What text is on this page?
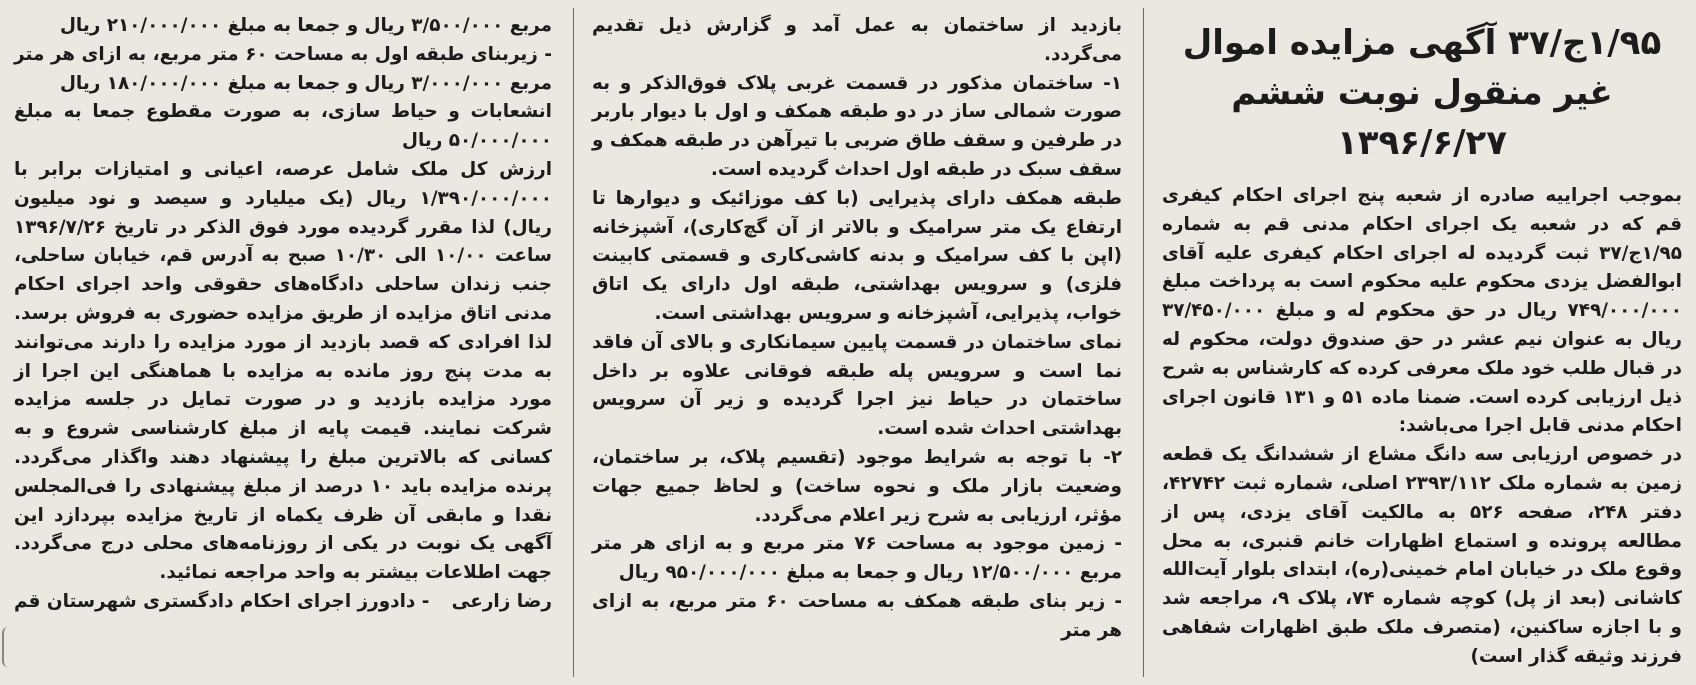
۱/۹۵ج/۳۷ آگهی مزایده اموال غیر منقول نوبت ششم ۱۳۹۶/۶/۲۷

بموجب اجراییه صادره از شعبه پنج اجرای احکام کیفری قم که در شعبه یک اجرای احکام مدنی قم به شماره ۱/۹۵ج/۳۷ ثبت گردیده له اجرای احکام کیفری علیه آقای ابوالفضل یزدی محکوم علیه محکوم است به پرداخت مبلغ ۷۴۹/۰۰۰/۰۰۰ ریال در حق محکوم له و مبلغ ۳۷/۴۵۰/۰۰۰ ریال به عنوان نیم عشر در حق صندوق دولت، محکوم له در قبال طلب خود ملک معرفی کرده که کارشناس به شرح ذیل ارزیابی کرده است. ضمنا ماده ۵۱ و ۱۳۱ قانون اجرای احکام مدنی قابل اجرا می‌باشد:

در خصوص ارزیابی سه دانگ مشاع از ششدانگ یک قطعه زمین به شماره ملک ۲۳۹۳/۱۱۲ اصلی، شماره ثبت ۴۲۷۴۲، دفتر ۲۴۸، صفحه ۵۲۶ به مالکیت آقای یزدی، پس از مطالعه پرونده و استماع اظهارات خانم قنبری، به محل وقوع ملک در خیابان امام خمینی(ره)، ابتدای بلوار آیت‌الله کاشانی (بعد از پل) کوچه شماره ۷۴، پلاک ۹، مراجعه شد و با اجازه ساکنین، (متصرف ملک طبق اظهارات شفاهی فرزند وثیقه گذار است)

بازدید از ساختمان به عمل آمد و گزارش ذیل تقدیم می‌گردد.

۱- ساختمان مذکور در قسمت غربی پلاک فوق‌الذکر و به صورت شمالی ساز در دو طبقه همکف و اول با دیوار باربر در طرفین و سقف طاق ضربی با تیرآهن در طبقه همکف و سقف سبک در طبقه اول احداث گردیده است.

طبقه همکف دارای پذیرایی (با کف موزائیک و دیوارها تا ارتفاع یک متر سرامیک و بالاتر از آن گچ‌کاری)، آشپزخانه (اپن با کف سرامیک و بدنه کاشی‌کاری و قسمتی کابینت فلزی) و سرویس بهداشتی، طبقه اول دارای یک اتاق خواب، پذیرایی، آشپزخانه و سرویس بهداشتی است.

نمای ساختمان در قسمت پایین سیمانکاری و بالای آن فاقد نما است و سرویس پله طبقه فوقانی علاوه بر داخل ساختمان در حیاط نیز اجرا گردیده و زیر آن سرویس بهداشتی احداث شده است.

۲- با توجه به شرایط موجود (تقسیم پلاک، بر ساختمان، وضعیت بازار ملک و نحوه ساخت) و لحاظ جمیع جهات مؤثر، ارزیابی به شرح زیر اعلام می‌گردد.

- زمین موجود به مساحت ۷۶ متر مربع و به ازای هر متر مربع ۱۲/۵۰۰/۰۰۰ ریال و جمعا به مبلغ ۹۵۰/۰۰۰/۰۰۰ ریال

- زیر بنای طبقه همکف به مساحت ۶۰ متر مربع، به ازای هر متر

مربع ۳/۵۰۰/۰۰۰ ریال و جمعا به مبلغ ۲۱۰/۰۰۰/۰۰۰ ریال

- زیربنای طبقه اول به مساحت ۶۰ متر مربع، به ازای هر متر مربع ۳/۰۰۰/۰۰۰ ریال و جمعا به مبلغ ۱۸۰/۰۰۰/۰۰۰ ریال

انشعابات و حیاط سازی، به صورت مقطوع جمعا به مبلغ ۵۰/۰۰۰/۰۰۰ ریال

ارزش کل ملک شامل عرصه، اعیانی و امتیازات برابر با ۱/۳۹۰/۰۰۰/۰۰۰ ریال (یک میلیارد و سیصد و نود میلیون ریال) لذا مقرر گردیده مورد فوق الذکر در تاریخ ۱۳۹۶/۷/۲۶ ساعت ۱۰/۰۰ الی ۱۰/۳۰ صبح به آدرس قم، خیابان ساحلی، جنب زندان ساحلی دادگاه‌های حقوقی واحد اجرای احکام مدنی اتاق مزایده از طریق مزایده حضوری به فروش برسد. لذا افرادی که قصد بازدید از مورد مزایده را دارند می‌توانند به مدت پنج روز مانده به مزایده با هماهنگی این اجرا از مورد مزایده بازدید و در صورت تمایل در جلسه مزایده شرکت نمایند. قیمت پایه از مبلغ کارشناسی شروع و به کسانی که بالاترین مبلغ را پیشنهاد دهند واگذار می‌گردد. پرنده مزایده باید ۱۰ درصد از مبلغ پیشنهادی را فی‌المجلس نقدا و مابقی آن ظرف یکماه از تاریخ مزایده بپردازد این آگهی یک نوبت در یکی از روزنامه‌های محلی درج می‌گردد. جهت اطلاعات بیشتر به واحد مراجعه نمائید.

رضا زارعی
- دادورز اجرای احکام دادگستری شهرستان قم
